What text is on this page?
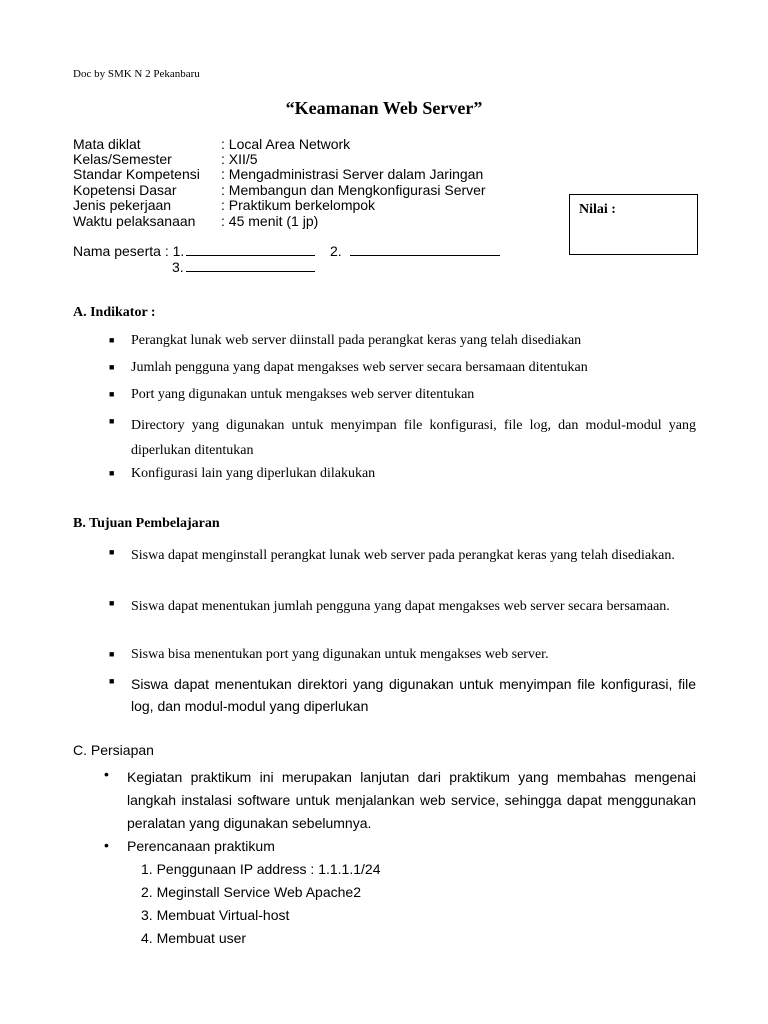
Doc by SMK N 2 Pekanbaru
“Keamanan Web Server”
Mata diklat	: Local Area Network
Kelas/Semester	: XII/5
Standar Kompetensi : Mengadministrasi Server dalam Jaringan
Kopetensi Dasar	: Membangun dan Mengkonfigurasi Server
Jenis pekerjaan	: Praktikum berkelompok
Waktu pelaksanaan : 45 menit (1 jp)
Nilai :
Nama peserta : 1.	2.
3.
A. Indikator :
■ Perangkat lunak web server diinstall pada perangkat keras yang telah disediakan
■ Jumlah pengguna yang dapat mengakses web server secara bersamaan ditentukan
■ Port yang digunakan untuk mengakses web server ditentukan
■ Directory yang digunakan untuk menyimpan file konfigurasi, file log, dan modul-modul yang diperlukan ditentukan
■ Konfigurasi lain yang diperlukan dilakukan
B. Tujuan Pembelajaran
■ Siswa dapat menginstall perangkat lunak web server pada perangkat keras yang telah disediakan.
■ Siswa dapat menentukan jumlah pengguna yang dapat mengakses web server secara bersamaan.
■ Siswa bisa menentukan port yang digunakan untuk mengakses web server.
■ Siswa dapat menentukan direktori yang digunakan untuk menyimpan file konfigurasi, file log, dan modul-modul yang diperlukan
C. Persiapan
• Kegiatan praktikum ini merupakan lanjutan dari praktikum yang membahas mengenai langkah instalasi software untuk menjalankan web service, sehingga dapat menggunakan peralatan yang digunakan sebelumnya.
• Perencanaan praktikum
1. Penggunaan IP address : 1.1.1.1/24
2. Meginstall Service Web Apache2
3. Membuat Virtual-host
4. Membuat user
